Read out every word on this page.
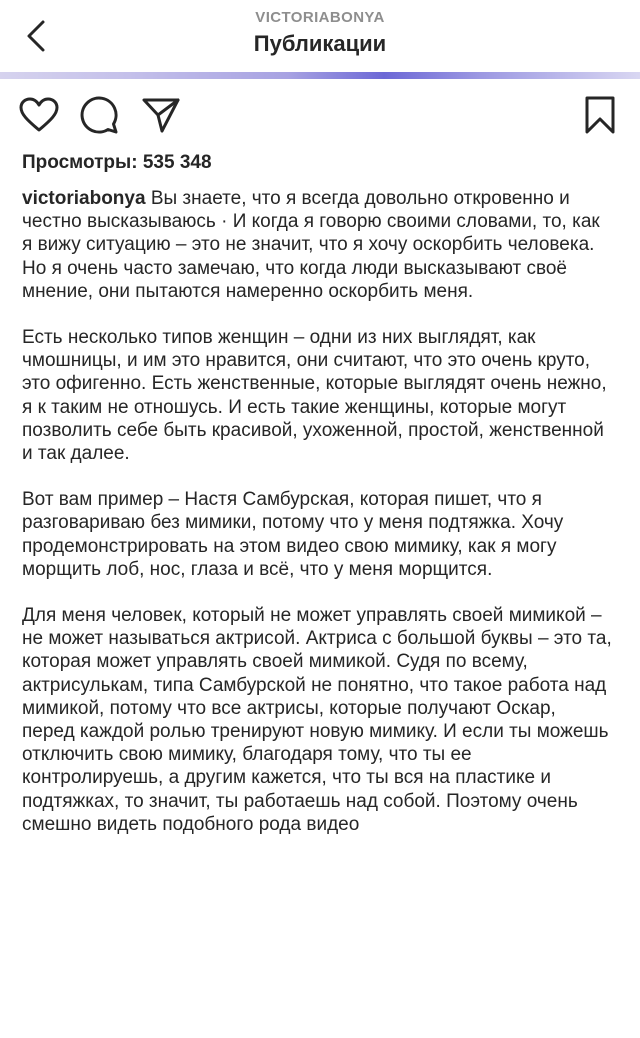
VICTORIABONYA
Публикации
Просмотры: 535 348

victoriabonya Вы знаете, что я всегда довольно откровенно и честно высказываюсь · И когда я говорю своими словами, то, как я вижу ситуацию – это не значит, что я хочу оскорбить человека. Но я очень часто замечаю, что когда люди высказывают своё мнение, они пытаются намеренно оскорбить меня.

Есть несколько типов женщин – одни из них выглядят, как чмошницы, и им это нравится, они считают, что это очень круто, это офигенно. Есть женственные, которые выглядят очень нежно, я к таким не отношусь. И есть такие женщины, которые могут позволить себе быть красивой, ухоженной, простой, женственной и так далее.

Вот вам пример – Настя Самбурская, которая пишет, что я разговариваю без мимики, потому что у меня подтяжка. Хочу продемонстрировать на этом видео свою мимику, как я могу морщить лоб, нос, глаза и всё, что у меня морщится.

Для меня человек, который не может управлять своей мимикой – не может называться актрисой. Актриса с большой буквы – это та, которая может управлять своей мимикой. Судя по всему, актрисулькам, типа Самбурской не понятно, что такое работа над мимикой, потому что все актрисы, которые получают Оскар, перед каждой ролью тренируют новую мимику. И если ты можешь отключить свою мимику, благодаря тому, что ты ее контролируешь, а другим кажется, что ты вся на пластике и подтяжках, то значит, ты работаешь над собой. Поэтому очень смешно видеть подобного рода видео
